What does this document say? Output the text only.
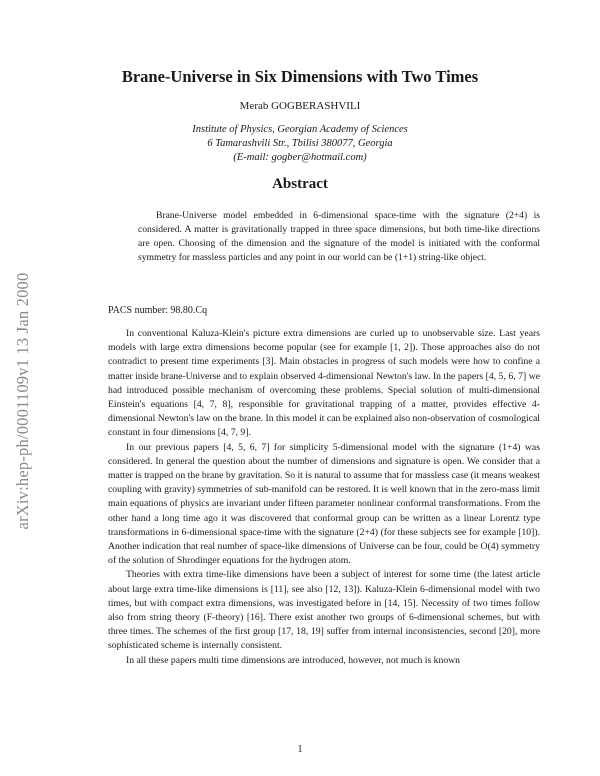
arXiv:hep-ph/0001109v1 13 Jan 2000
Brane-Universe in Six Dimensions with Two Times
Merab GOGBERASHVILI
Institute of Physics, Georgian Academy of Sciences
6 Tamarashvili Str., Tbilisi 380077, Georgia
(E-mail: gogber@hotmail.com)
Abstract
Brane-Universe model embedded in 6-dimensional space-time with the signature (2+4) is considered. A matter is gravitationally trapped in three space dimensions, but both time-like directions are open. Choosing of the dimension and the signature of the model is initiated with the conformal symmetry for massless particles and any point in our world can be (1+1) string-like object.
PACS number: 98.80.Cq

In conventional Kaluza-Klein's picture extra dimensions are curled up to unobservable size. Last years models with large extra dimensions become popular (see for example [1, 2]). Those approaches also do not contradict to present time experiments [3]. Main obstacles in progress of such models were how to confine a matter inside brane-Universe and to explain observed 4-dimensional Newton's law. In the papers [4, 5, 6, 7] we had introduced possible mechanism of overcoming these problems. Special solution of multi-dimensional Einstein's equations [4, 7, 8], responsible for gravitational trapping of a matter, provides effective 4-dimensional Newton's law on the brane. In this model it can be explained also non-observation of cosmological constant in four dimensions [4, 7, 9].

In our previous papers [4, 5, 6, 7] for simplicity 5-dimensional model with the signature (1+4) was considered. In general the question about the number of dimensions and signature is open. We consider that a matter is trapped on the brane by gravitation. So it is natural to assume that for massless case (it means weakest coupling with gravity) symmetries of sub-manifold can be restored. It is well known that in the zero-mass limit main equations of physics are invariant under fifteen parameter nonlinear conformal transformations. From the other hand a long time ago it was discovered that conformal group can be written as a linear Lorentz type transformations in 6-dimensional space-time with the signature (2+4) (for these subjects see for example [10]). Another indication that real number of space-like dimensions of Universe can be four, could be O(4) symmetry of the solution of Shrodinger equations for the hydrogen atom.

Theories with extra time-like dimensions have been a subject of interest for some time (the latest article about large extra time-like dimensions is [11], see also [12, 13]). Kaluza-Klein 6-dimensional model with two times, but with compact extra dimensions, was investigated before in [14, 15]. Necessity of two times follow also from string theory (F-theory) [16]. There exist another two groups of 6-dimensional schemes, but with three times. The schemes of the first group [17, 18, 19] suffer from internal inconsistencies, second [20], more sophisticated scheme is internally consistent.

In all these papers multi time dimensions are introduced, however, not much is known

1
